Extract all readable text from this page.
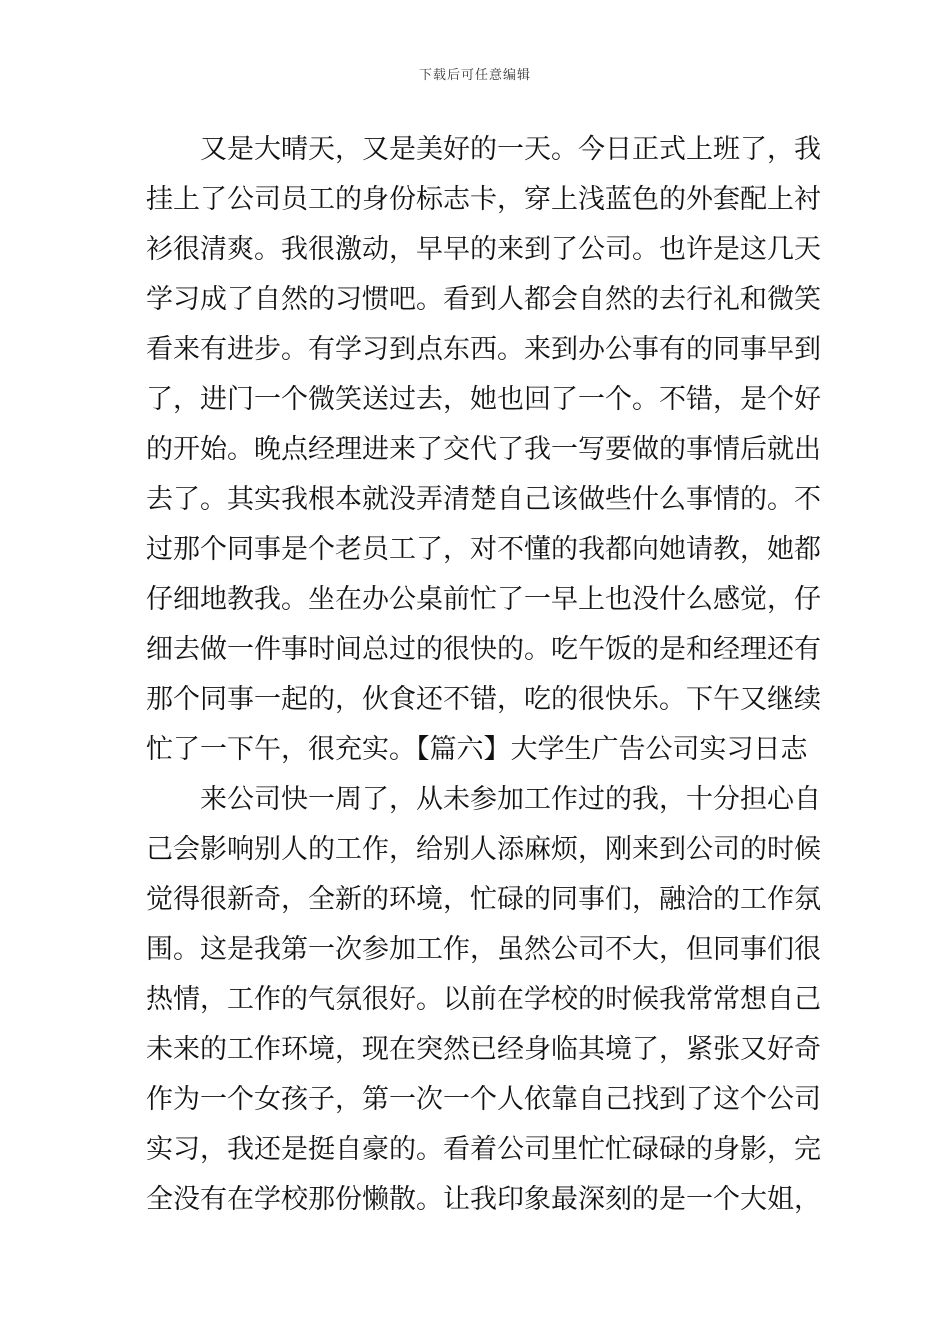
下载后可任意编辑
又是大晴天，又是美好的一天。今日正式上班了，我
挂上了公司员工的身份标志卡，穿上浅蓝色的外套配上衬
衫很清爽。我很激动，早早的来到了公司。也许是这几天
学习成了自然的习惯吧。看到人都会自然的去行礼和微笑
看来有进步。有学习到点东西。来到办公事有的同事早到
了，进门一个微笑送过去，她也回了一个。不错，是个好
的开始。晚点经理进来了交代了我一写要做的事情后就出
去了。其实我根本就没弄清楚自己该做些什么事情的。不
过那个同事是个老员工了，对不懂的我都向她请教，她都
仔细地教我。坐在办公桌前忙了一早上也没什么感觉，仔
细去做一件事时间总过的很快的。吃午饭的是和经理还有
那个同事一起的，伙食还不错，吃的很快乐。下午又继续
忙了一下午，很充实。【篇六】大学生广告公司实习日志
来公司快一周了，从未参加工作过的我，十分担心自
己会影响别人的工作，给别人添麻烦，刚来到公司的时候
觉得很新奇，全新的环境，忙碌的同事们，融洽的工作氛
围。这是我第一次参加工作，虽然公司不大，但同事们很
热情，工作的气氛很好。以前在学校的时候我常常想自己
未来的工作环境，现在突然已经身临其境了，紧张又好奇
作为一个女孩子，第一次一个人依靠自己找到了这个公司
实习，我还是挺自豪的。看着公司里忙忙碌碌的身影，完
全没有在学校那份懒散。让我印象最深刻的是一个大姐，
